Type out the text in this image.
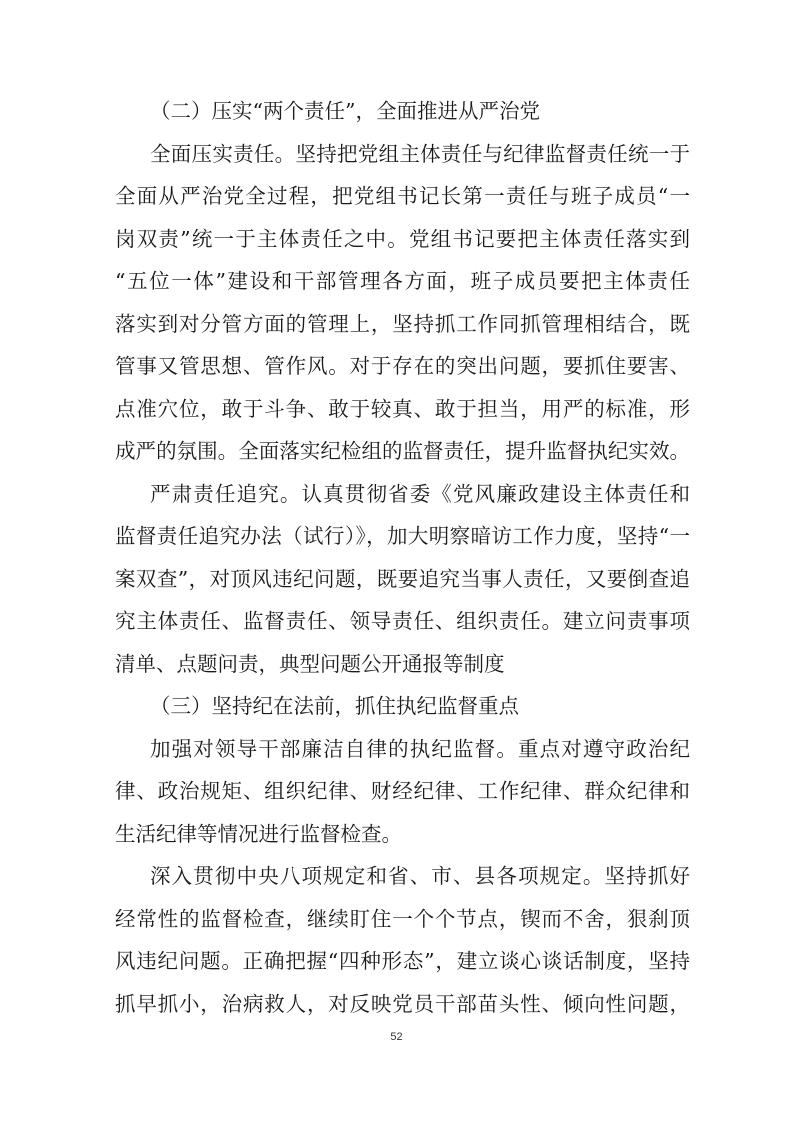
（二）压实“两个责任”，全面推进从严治党
全面压实责任。坚持把党组主体责任与纪律监督责任统一于
全面从严治党全过程，把党组书记长第一责任与班子成员“一
岗双责”统一于主体责任之中。党组书记要把主体责任落实到
“五位一体”建设和干部管理各方面，班子成员要把主体责任
落实到对分管方面的管理上，坚持抓工作同抓管理相结合，既
管事又管思想、管作风。对于存在的突出问题，要抓住要害、
点准穴位，敢于斗争、敢于较真、敢于担当，用严的标准，形
成严的氛围。全面落实纪检组的监督责任，提升监督执纪实效。
严肃责任追究。认真贯彻省委《党风廉政建设主体责任和
监督责任追究办法（试行）》，加大明察暗访工作力度，坚持“一
案双查”，对顶风违纪问题，既要追究当事人责任，又要倒查追
究主体责任、监督责任、领导责任、组织责任。建立问责事项
清单、点题问责，典型问题公开通报等制度
（三）坚持纪在法前，抓住执纪监督重点
加强对领导干部廉洁自律的执纪监督。重点对遵守政治纪
律、政治规矩、组织纪律、财经纪律、工作纪律、群众纪律和
生活纪律等情况进行监督检查。
深入贯彻中央八项规定和省、市、县各项规定。坚持抓好
经常性的监督检查，继续盯住一个个节点，锲而不舍，狠刹顶
风违纪问题。正确把握“四种形态”，建立谈心谈话制度，坚持
抓早抓小，治病救人，对反映党员干部苗头性、倾向性问题，
52
